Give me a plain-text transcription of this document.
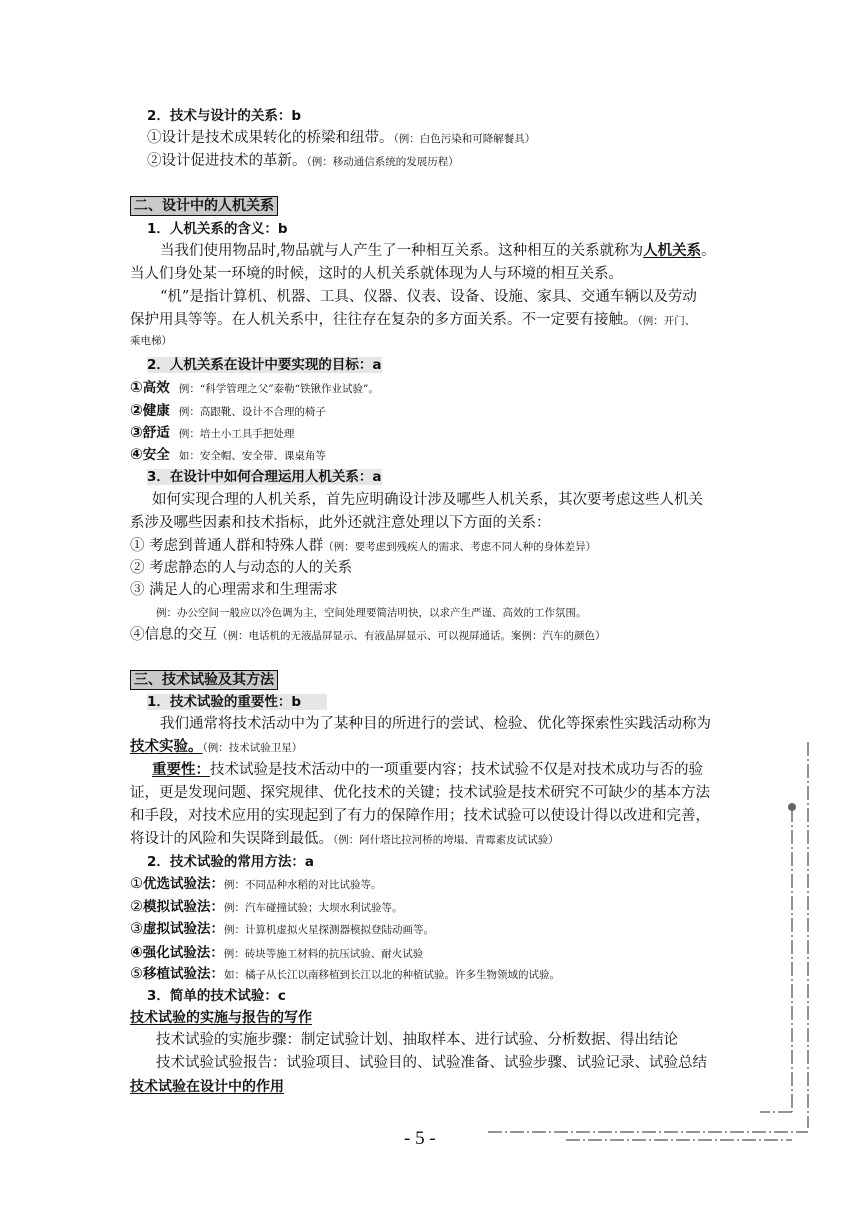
2．技术与设计的关系：b
①设计是技术成果转化的桥梁和纽带。（例：白色污染和可降解餐具）
②设计促进技术的革新。（例：移动通信系统的发展历程）
二、设计中的人机关系
1．人机关系的含义：b
当我们使用物品时,物品就与人产生了一种相互关系。这种相互的关系就称为人机关系。
当人们身处某一环境的时候，这时的人机关系就体现为人与环境的相互关系。
“机”是指计算机、机器、工具、仪器、仪表、设备、设施、家具、交通车辆以及劳动
保护用具等等。在人机关系中，往往存在复杂的多方面关系。不一定要有接触。（例：开门、
乘电梯）
2．人机关系在设计中要实现的目标：a
①高效 例：“科学管理之父”泰勒“铁锹作业试验”。
②健康 例：高跟靴、设计不合理的椅子
③舒适 例：培土小工具手把处理
④安全 如：安全帽、安全带、课桌角等
3．在设计中如何合理运用人机关系：a
如何实现合理的人机关系，首先应明确设计涉及哪些人机关系，其次要考虑这些人机关
系涉及哪些因素和技术指标，此外还就注意处理以下方面的关系：
① 考虑到普通人群和特殊人群（例：要考虑到残疾人的需求、考虑不同人种的身体差异）
② 考虑静态的人与动态的人的关系
③ 满足人的心理需求和生理需求
例：办公空间一般应以冷色调为主，空间处理要简洁明快，以求产生严谨、高效的工作氛围。
④信息的交互（例：电话机的无液晶屏显示、有液晶屏显示、可以视屏通话。案例：汽车的颜色）
三、技术试验及其方法
1．技术试验的重要性：b
我们通常将技术活动中为了某种目的所进行的尝试、检验、优化等探索性实践活动称为
技术实验。（例：技术试验卫星）
重要性：技术试验是技术活动中的一项重要内容；技术试验不仅是对技术成功与否的验
证，更是发现问题、探究规律、优化技术的关键；技术试验是技术研究不可缺少的基本方法
和手段，对技术应用的实现起到了有力的保障作用；技术试验可以使设计得以改进和完善，
将设计的风险和失误降到最低。（例：阿什塔比拉河桥的垮塌、青霉素皮试试验）
2．技术试验的常用方法：a
①优选试验法：例：不同品种水稻的对比试验等。
②模拟试验法：例：汽车碰撞试验；大坝水利试验等。
③虚拟试验法：例：计算机虚拟火星探测器模拟登陆动画等。
④强化试验法：例：砖块等施工材料的抗压试验、耐火试验
⑤移植试验法：如：橘子从长江以南移植到长江以北的种植试验。许多生物领域的试验。
3．简单的技术试验：c
技术试验的实施与报告的写作
技术试验的实施步骤：制定试验计划、抽取样本、进行试验、分析数据、得出结论
技术试验试验报告：试验项目、试验目的、试验准备、试验步骤、试验记录、试验总结
技术试验在设计中的作用
- 5 -
